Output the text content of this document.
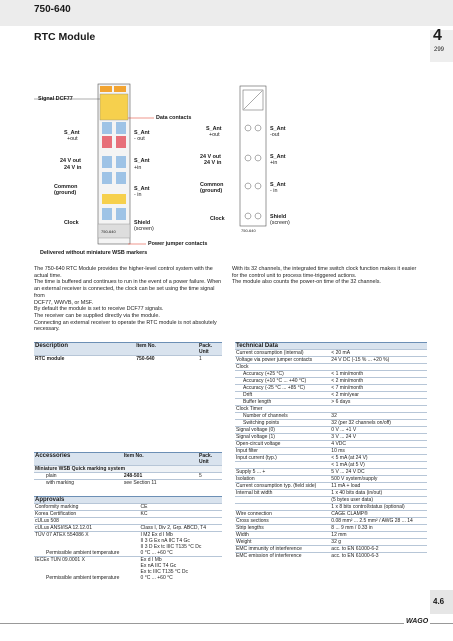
750-640
RTC Module	4
299
Signal DCF77
Data contacts
S_Ant
+out
S_Ant
- out
24 V out
24 V in
S_Ant
+in
Common
(ground)
S_Ant
- in
Clock	Shield
(screen)
750-640
Power jumper contacts
Delivered without miniature WSB markers
S_Ant
+out
S_Ant
-out
24 V out
24 V in
S_Ant
+in
Common
(ground)
S_Ant
- in
Clock	Shield
(screen)
750-640
The 750-640 RTC Module provides the higher-level control system with the
actual time.
The time is buffered and continues to run in the event of a power failure. When
an external receiver is connected, the clock can be set using the time signal from
DCF77, WWVB, or MSF.
By default the module is set to receive DCF77 signals.
The receiver can be supplied directly via the module.
Connecting an external receiver to operate the RTC module is not absolutely
necessary.
With its 32 channels, the integrated time switch clock function makes it easier
for the control unit to process time-triggered actions.
The module also counts the power-on time of the 32 channels.
Description	Item No.	Pack. Unit
RTC module	750-640	1
Accessories	Item No.	Pack. Unit
Miniature WSB Quick marking system		
plain	248-501	5
with marking	see Section 11	
Approvals	
Conformity marking	CE
Korea Certification	KC
cULus 508	
cULus ANSI/ISA 12.12.01	Class I, Div 2, Grp. ABCD, T4
TÜV 07 ATEX 554086 X	I M2 Ex d I Mb
	II 3 G Ex nA IIC T4 Gc
	II 3 D Ex tc IIIC T135 °C Dc
Permissible ambient temperature	0 °C ... +60 °C
IECEx TUN 09.0001 X	Ex d I Mb
	Ex nA IIC T4 Gc
	Ex tc IIIC T135 °C Dc
Permissible ambient temperature	0 °C ... +60 °C
Technical Data	
Current consumption (internal)	< 20 mA
Voltage via power jumper contacts	24 V DC (-15 % ... +20 %)
Clock	
Accuracy (+25 °C)	< 1 min/month
Accuracy (+10 °C ... +40 °C)	< 2 min/month
Accuracy (-25 °C ... +85 °C)	< 7 min/month
Drift	< 2 min/year
Buffer length	> 6 days
Clock Timer	
Number of channels	32
Switching points	32 (per 32 channels on/off)
Signal voltage (0)	0 V ... +1 V
Signal voltage (1)	3 V ... 24 V
Open-circuit voltage	4 VDC
Input filter	10 ms
Input current (typ.)	< 5 mA (at 24 V)
	< 1 mA (at 5 V)
Supply 5 ... +	5 V ... 24 V DC
Isolation	500 V system/supply
Current consumption typ. (field side)	11 mA + load
Internal bit width	1 x 40 bits data (in/out)
	(5 bytes user data)
	1 x 8 bits control/status (optional)
Wire connection	CAGE CLAMP®
Cross sections	0.08 mm² ... 2.5 mm² / AWG 28 ... 14
Strip lengths	8 ... 9 mm / 0.33 in
Width	12 mm
Weight	32 g
EMC immunity of interference	acc. to EN 61000-6-2
EMC emission of interference	acc. to EN 61000-6-3
4.6
WAGO
